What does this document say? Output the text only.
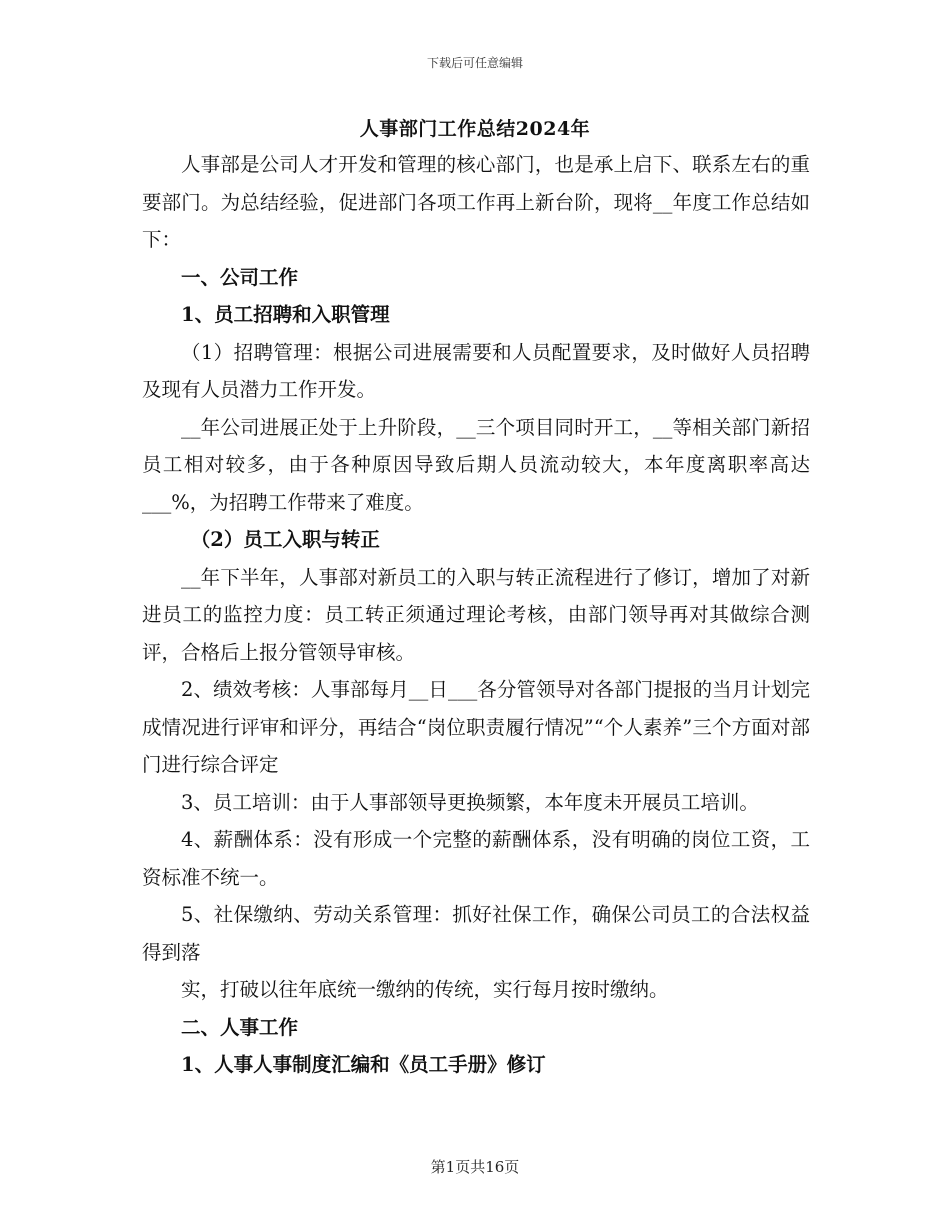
下载后可任意编辑
人事部门工作总结2024年

人事部是公司人才开发和管理的核心部门，也是承上启下、联系左右的重要部门。为总结经验，促进部门各项工作再上新台阶，现将__年度工作总结如下：

一、公司工作

1、员工招聘和入职管理

（1）招聘管理：根据公司进展需要和人员配置要求，及时做好人员招聘及现有人员潜力工作开发。

__年公司进展正处于上升阶段，__三个项目同时开工，__等相关部门新招员工相对较多，由于各种原因导致后期人员流动较大，本年度离职率高达___%，为招聘工作带来了难度。

（2）员工入职与转正

__年下半年，人事部对新员工的入职与转正流程进行了修订，增加了对新进员工的监控力度：员工转正须通过理论考核，由部门领导再对其做综合测评，合格后上报分管领导审核。

2、绩效考核：人事部每月__日___各分管领导对各部门提报的当月计划完成情况进行评审和评分，再结合“岗位职责履行情况”“个人素养”三个方面对部门进行综合评定

3、员工培训：由于人事部领导更换频繁，本年度未开展员工培训。

4、薪酬体系：没有形成一个完整的薪酬体系，没有明确的岗位工资，工资标准不统一。

5、社保缴纳、劳动关系管理：抓好社保工作，确保公司员工的合法权益得到落

实，打破以往年底统一缴纳的传统，实行每月按时缴纳。

二、人事工作

1、人事人事制度汇编和《员工手册》修订

第1页共16页
